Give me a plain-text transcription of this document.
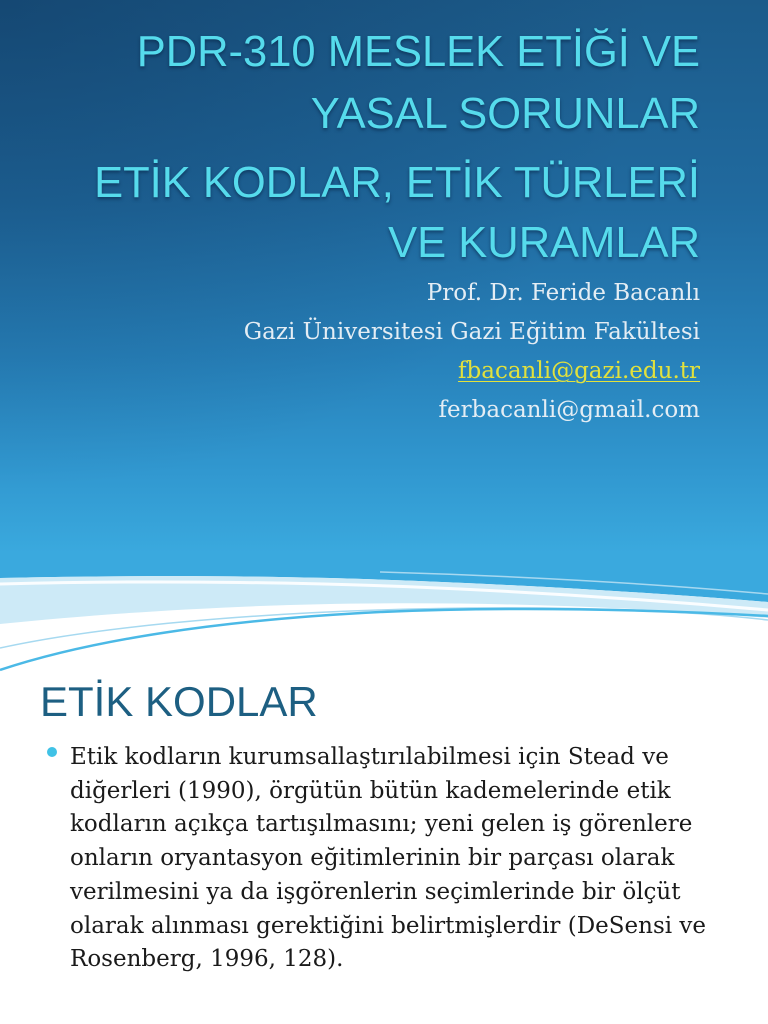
PDR-310 MESLEK ETİĞİ VE
YASAL SORUNLAR
ETİK KODLAR, ETİK TÜRLERİ
VE KURAMLAR
Prof. Dr. Feride Bacanlı
Gazi Üniversitesi Gazi Eğitim Fakültesi
fbacanli@gazi.edu.tr
ferbacanli@gmail.com
ETİK KODLAR

Etik kodların kurumsallaştırılabilmesi için Stead ve
diğerleri (1990), örgütün bütün kademelerinde etik
kodların açıkça tartışılmasını; yeni gelen iş görenlere
onların oryantasyon eğitimlerinin bir parçası olarak
verilmesini ya da işgörenlerin seçimlerinde bir ölçüt
olarak alınması gerektiğini belirtmişlerdir (DeSensi ve
Rosenberg, 1996, 128).
